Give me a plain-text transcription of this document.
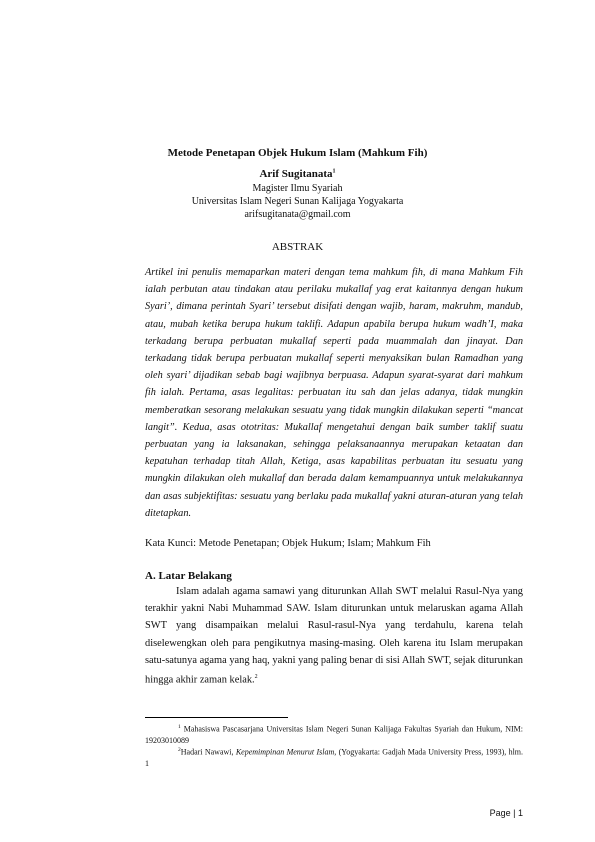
Metode Penetapan Objek Hukum Islam (Mahkum Fih)
Arif Sugitanata$^1$
Magister Ilmu Syariah
Universitas Islam Negeri Sunan Kalijaga Yogyakarta
arifsugitanata@gmail.com
ABSTRAK

Artikel ini penulis memaparkan materi dengan tema mahkum fih, di mana Mahkum Fih ialah perbutan atau tindakan atau perilaku mukallaf yag erat kaitannya dengan hukum Syari’, dimana perintah Syari’ tersebut disifati dengan wajib, haram, makruhm, mandub, atau, mubah ketika berupa hukum taklifi. Adapun apabila berupa hukum wadh’I, maka terkadang berupa perbuatan mukallaf seperti pada muammalah dan jinayat. Dan terkadang tidak berupa perbuatan mukallaf seperti menyaksikan bulan Ramadhan yang oleh syari’ dijadikan sebab bagi wajibnya berpuasa. Adapun syarat-syarat dari mahkum fih ialah. Pertama, asas legalitas: perbuatan itu sah dan jelas adanya, tidak mungkin memberatkan sesorang melakukan sesuatu yang tidak mungkin dilakukan seperti “mancat langit”. Kedua, asas ototritas: Mukallaf mengetahui dengan baik sumber taklif suatu perbuatan yang ia laksanakan, sehingga pelaksanaannya merupakan ketaatan dan kepatuhan terhadap titah Allah, Ketiga, asas kapabilitas perbuatan itu sesuatu yang mungkin dilakukan oleh mukallaf dan berada dalam kemampuannya untuk melakukannya dan asas subjektifitas: sesuatu yang berlaku pada mukallaf yakni aturan-aturan yang telah ditetapkan.

Kata Kunci: Metode Penetapan; Objek Hukum; Islam; Mahkum Fih
A. Latar Belakang

Islam adalah agama samawi yang diturunkan Allah SWT melalui Rasul-Nya yang terakhir yakni Nabi Muhammad SAW. Islam diturunkan untuk melaruskan agama Allah SWT yang disampaikan melalui Rasul-rasul-Nya yang terdahulu, karena telah diselewengkan oleh para pengikutnya masing-masing. Oleh karena itu Islam merupakan satu-satunya agama yang haq, yakni yang paling benar di sisi Allah SWT, sejak diturunkan hingga akhir zaman kelak.$^2$

$^1$ Mahasiswa Pascasarjana Universitas Islam Negeri Sunan Kalijaga Fakultas Syariah dan Hukum, NIM: 19203010089

$^2$Hadari Nawawi, Kepemimpinan Menurut Islam, (Yogyakarta: Gadjah Mada University Press, 1993), hlm. 1

Page | 1
